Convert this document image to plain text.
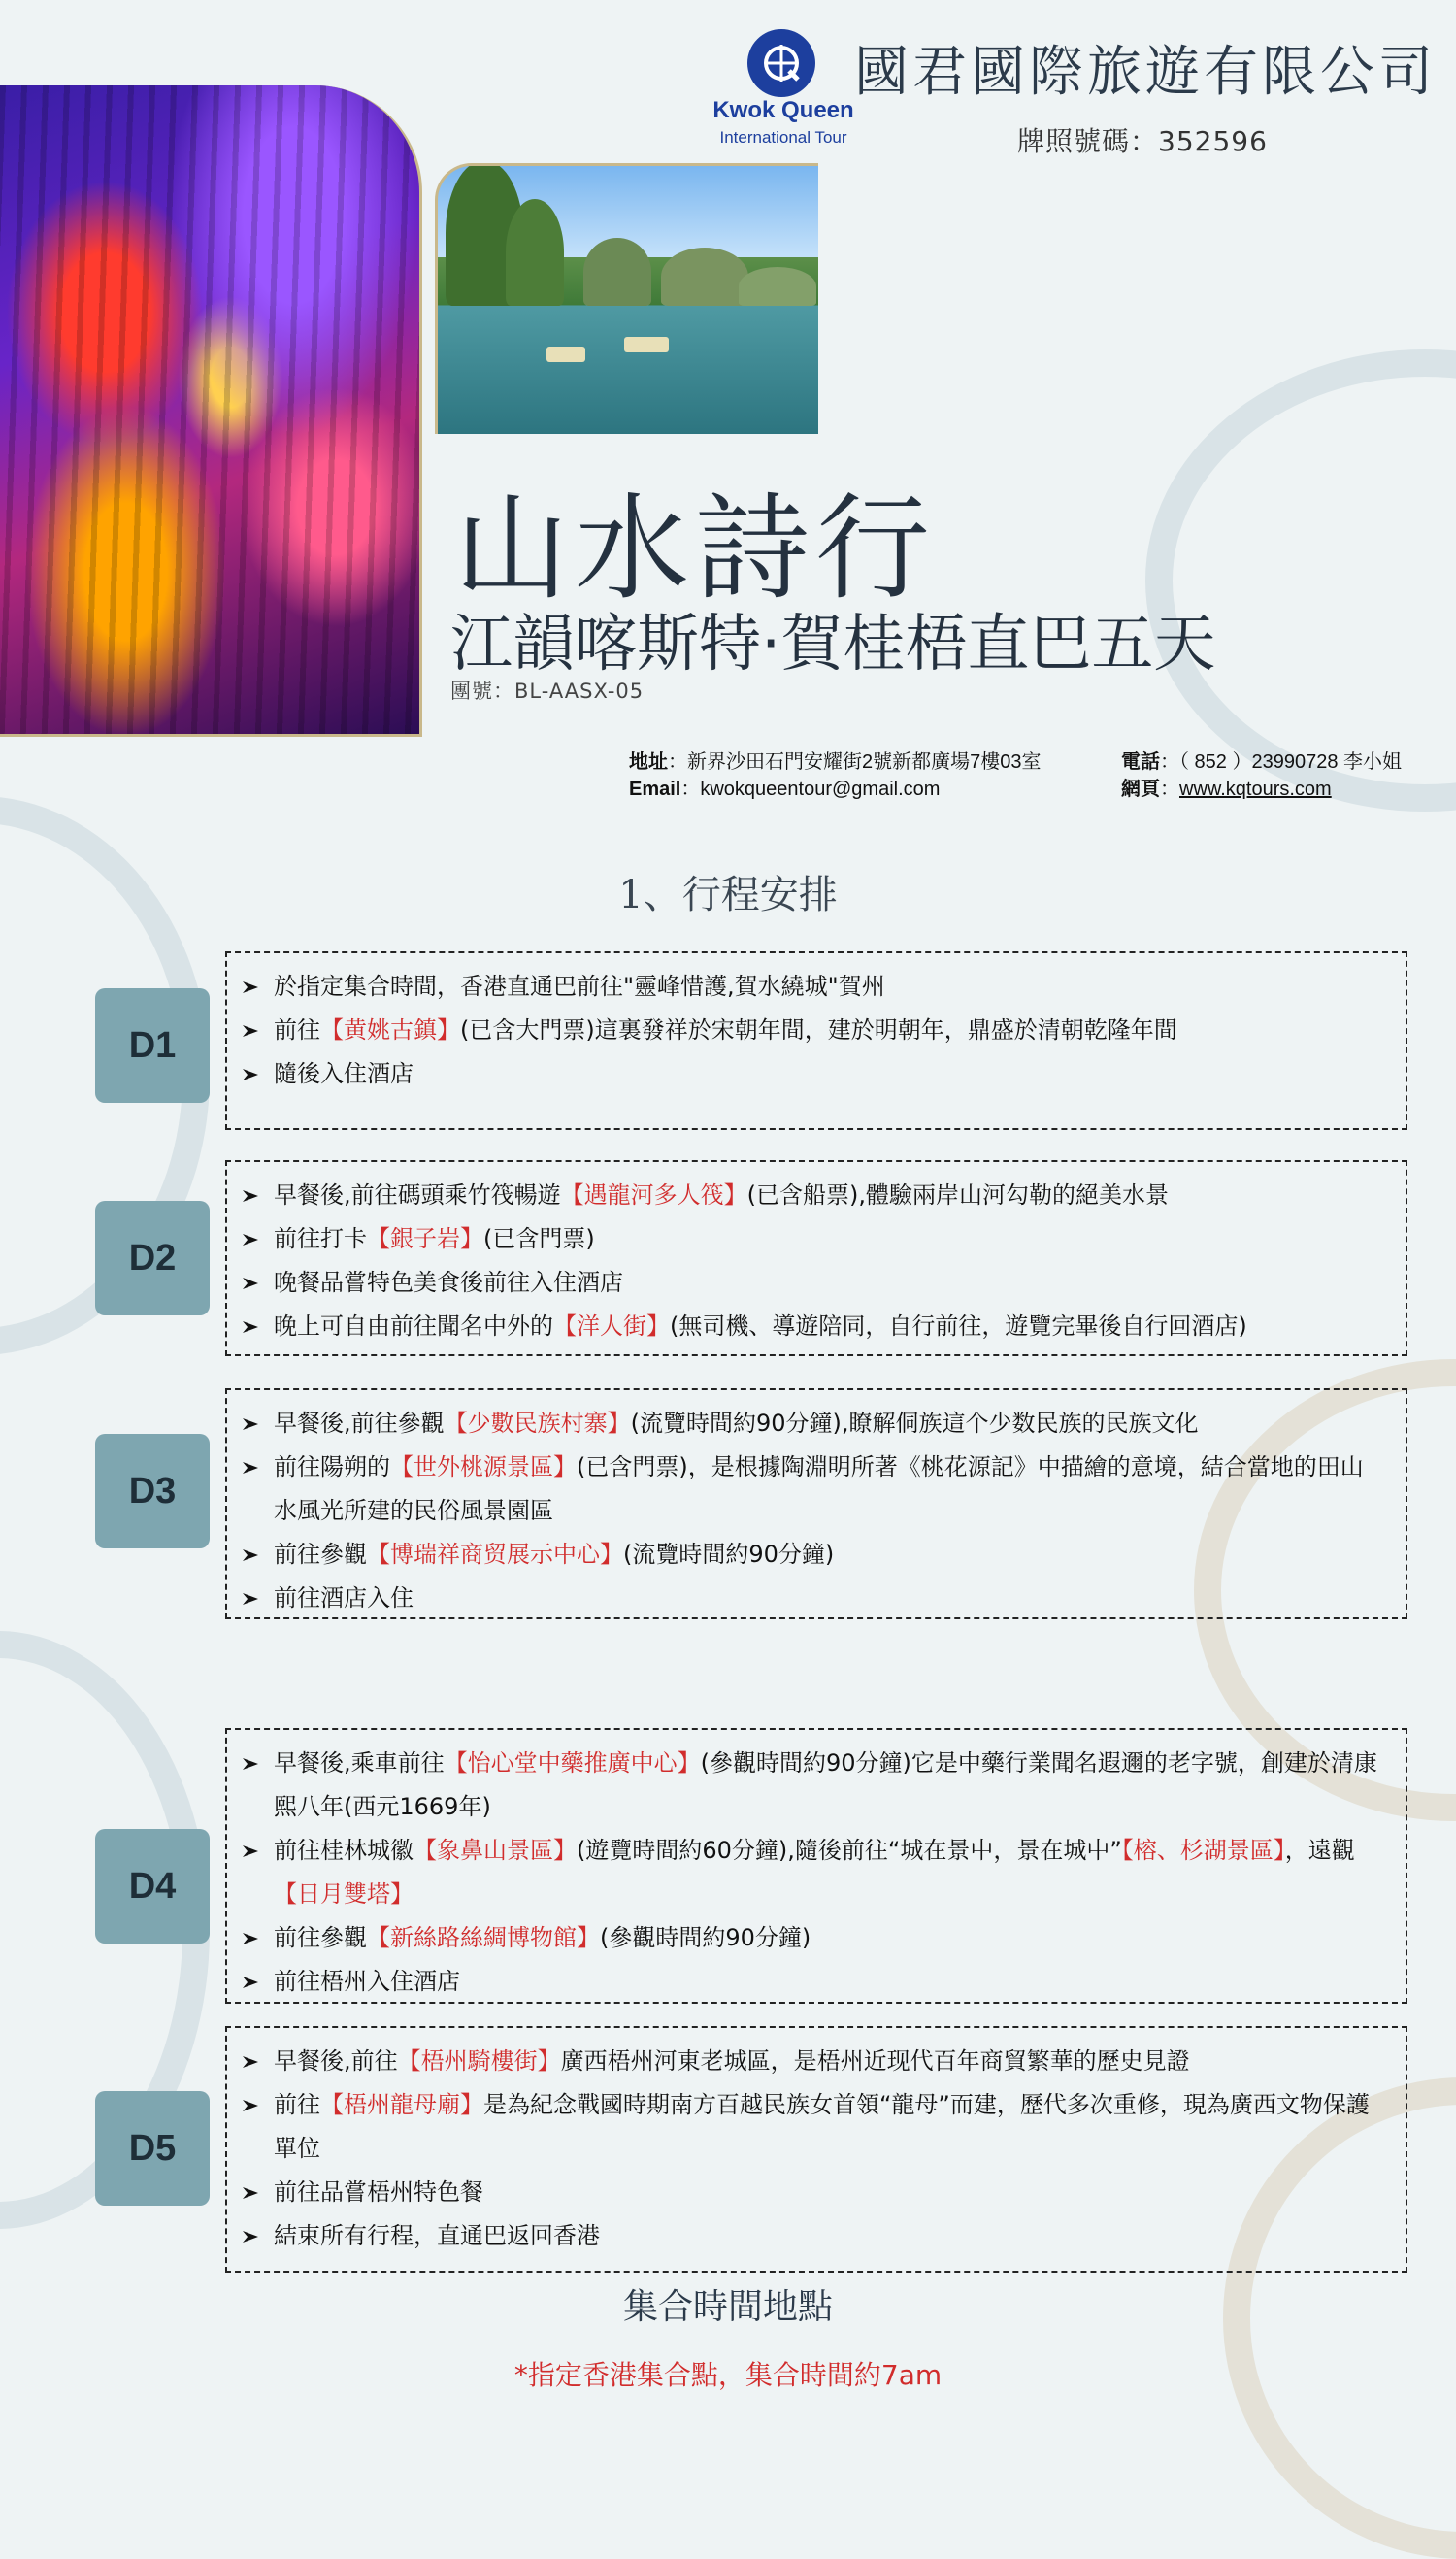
Kwok Queen
International Tour
國君國際旅遊有限公司
牌照號碼：352596
山水詩行
江韻喀斯特·賀桂梧直巴五天
團號：BL-AASX-05
地址：新界沙田石門安耀街2號新都廣場7樓03室
Email：kwokqueentour@gmail.com
電話：（ 852 ）23990728 李小姐
網頁：www.kqtours.com
1、行程安排
D1
於指定集合時間，香港直通巴前往"靈峰惜護,賀水繞城"賀州
前往【黄姚古鎮】(已含大門票)這裏發祥於宋朝年間，建於明朝年，鼎盛於清朝乾隆年間
隨後入住酒店
D2
早餐後,前往碼頭乘竹筏暢遊【遇龍河多人筏】(已含船票),體驗兩岸山河勾勒的絕美水景
前往打卡【銀子岩】(已含門票)
晚餐品嘗特色美食後前往入住酒店
晚上可自由前往聞名中外的【洋人街】(無司機、導遊陪同，自行前往，遊覽完畢後自行回酒店)
D3
早餐後,前往參觀【少數民族村寨】(流覽時間約90分鐘),瞭解侗族這个少数民族的民族文化
前往陽朔的【世外桃源景區】(已含門票)，是根據陶淵明所著《桃花源記》中描繪的意境，結合當地的田山水風光所建的民俗風景園區
前往參觀【博瑞祥商贸展示中心】(流覽時間約90分鐘)
前往酒店入住
D4
早餐後,乘車前往【怡心堂中藥推廣中心】(參觀時間約90分鐘)它是中藥行業聞名遐邇的老字號，創建於清康熙八年(西元1669年)
前往桂林城徽【象鼻山景區】(遊覽時間約60分鐘),隨後前往“城在景中，景在城中”【榕、杉湖景區】，遠觀【日月雙塔】
前往參觀【新絲路絲綢博物館】(參觀時間約90分鐘)
前往梧州入住酒店
D5
早餐後,前往【梧州騎樓街】廣西梧州河東老城區，是梧州近现代百年商貿繁華的歷史見證
前往【梧州龍母廟】是為紀念戰國時期南方百越民族女首領“龍母”而建，歷代多次重修，現為廣西文物保護單位
前往品嘗梧州特色餐
結束所有行程，直通巴返回香港
集合時間地點
*指定香港集合點，集合時間約7am
